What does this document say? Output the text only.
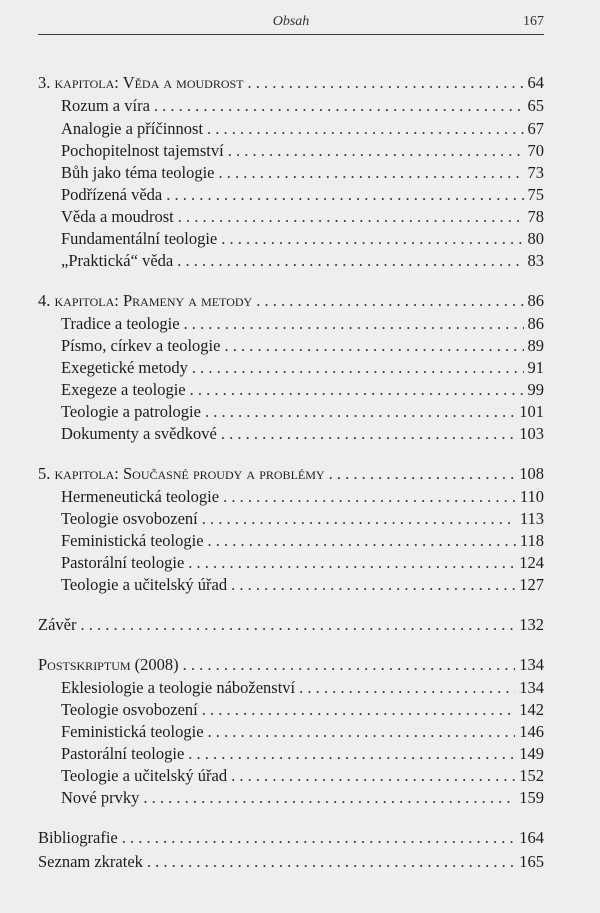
Obsah	167
3. kapitola: Věda a moudrost . . .	64
Rozum a víra . . .	65
Analogie a příčinnost . . .	67
Pochopitelnost tajemství . . .	70
Bůh jako téma teologie . . .	73
Podřízená věda . . .	75
Věda a moudrost . . .	78
Fundamentální teologie . . .	80
„Praktická“ věda . . .	83
4. kapitola: Prameny a metody . . .	86
Tradice a teologie . . .	86
Písmo, církev a teologie . . .	89
Exegetické metody . . .	91
Exegeze a teologie . . .	99
Teologie a patrologie . . .	101
Dokumenty a svědkové . . .	103
5. kapitola: Současné proudy a problémy . . .	108
Hermeneutická teologie . . .	110
Teologie osvobození . . .	113
Feministická teologie . . .	118
Pastorální teologie . . .	124
Teologie a učitelský úřad . . .	127
Závěr . . .	132
Postskriptum (2008) . . .	134
Eklesiologie a teologie náboženství . . .	134
Teologie osvobození . . .	142
Feministická teologie . . .	146
Pastorální teologie . . .	149
Teologie a učitelský úřad . . .	152
Nové prvky . . .	159
Bibliografie . . .	164
Seznam zkratek . . .	165
